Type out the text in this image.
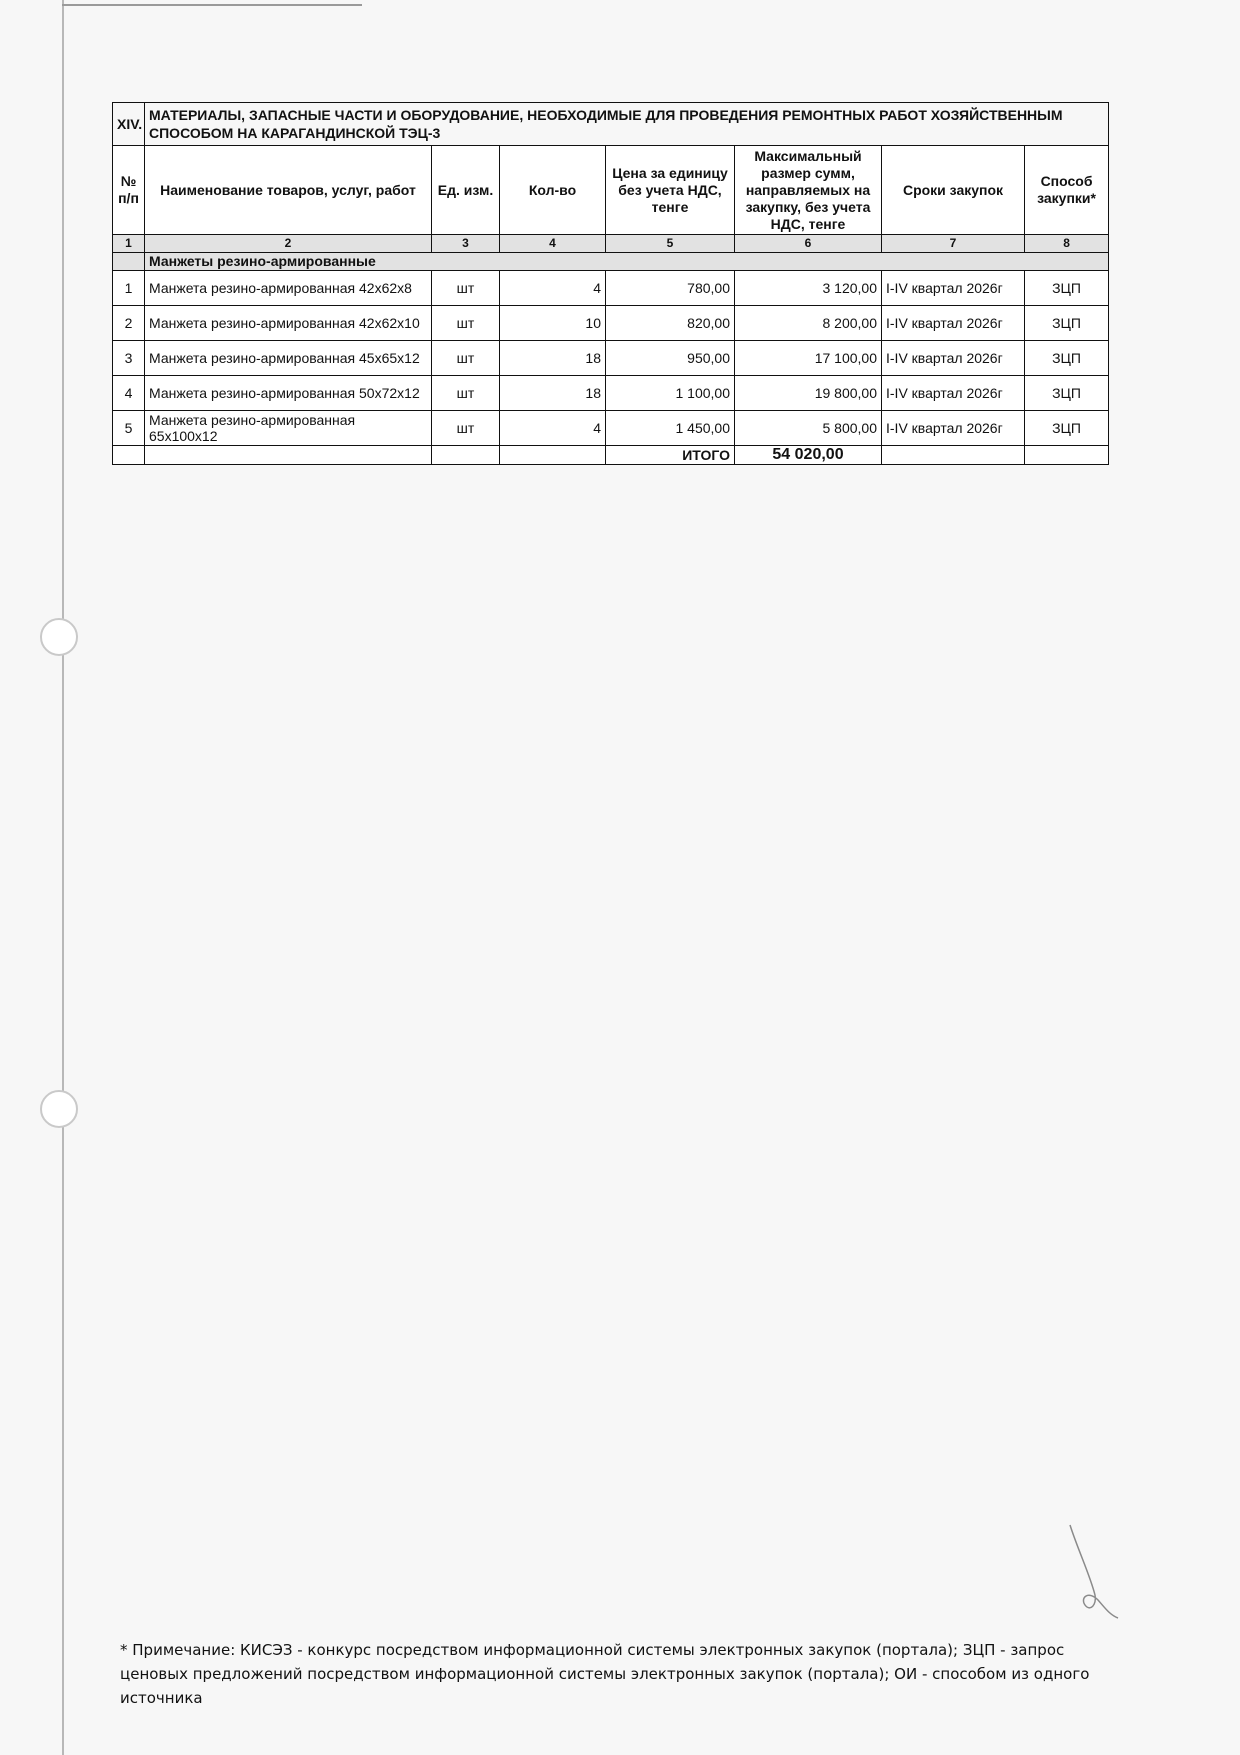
XIV.	МАТЕРИАЛЫ, ЗАПАСНЫЕ ЧАСТИ И ОБОРУДОВАНИЕ, НЕОБХОДИМЫЕ ДЛЯ ПРОВЕДЕНИЯ РЕМОНТНЫХ РАБОТ ХОЗЯЙСТВЕННЫМ СПОСОБОМ НА КАРАГАНДИНСКОЙ ТЭЦ-3						
№ п/п	Наименование товаров, услуг, работ	Ед. изм.	Кол-во	Цена за единицу без учета НДС, тенге	Максимальный размер сумм, направляемых на закупку, без учета НДС, тенге	Сроки закупок	Способ закупки*
1	2	3	4	5	6	7	8
	Манжеты резино-армированные						
1	Манжета резино-армированная 42х62х8	шт	4	780,00	3 120,00	I-IV квартал 2026г	ЗЦП
2	Манжета резино-армированная 42х62х10	шт	10	820,00	8 200,00	I-IV квартал 2026г	ЗЦП
3	Манжета резино-армированная 45х65х12	шт	18	950,00	17 100,00	I-IV квартал 2026г	ЗЦП
4	Манжета резино-армированная 50х72х12	шт	18	1 100,00	19 800,00	I-IV квартал 2026г	ЗЦП
5	Манжета резино-армированная 65х100х12	шт	4	1 450,00	5 800,00	I-IV квартал 2026г	ЗЦП
				ИТОГО	54 020,00		
* Примечание: КИСЭЗ - конкурс посредством информационной системы электронных закупок (портала); ЗЦП - запрос ценовых предложений посредством информационной системы электронных закупок (портала); ОИ - способом из одного источника
